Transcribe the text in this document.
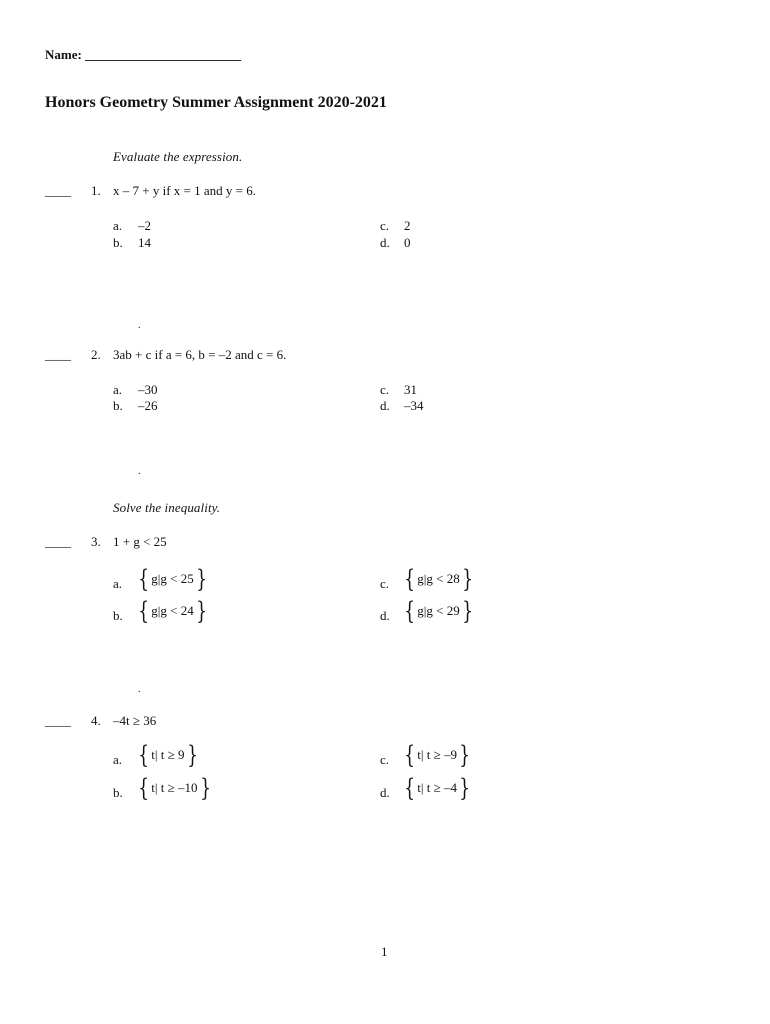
Name: ________________________
Honors Geometry Summer Assignment 2020-2021
Evaluate the expression.
____ 1. x – 7 + y if x = 1 and y = 6.
a. –2
b. 14
c. 2
d. 0
.
____ 2. 3ab + c if a = 6, b = –2 and c = 6.
a. –30
b. –26
c. 31
d. –34
.
Solve the inequality.
____ 3. 1 + g < 25
a. { g|g < 25 }
b. { g|g < 24 }
c. { g|g < 28 }
d. { g|g < 29 }
.
____ 4. –4t ≥ 36
a. { t| t ≥ 9 }
b. { t| t ≥ –10 }
c. { t| t ≥ –9 }
d. { t| t ≥ –4 }
1
